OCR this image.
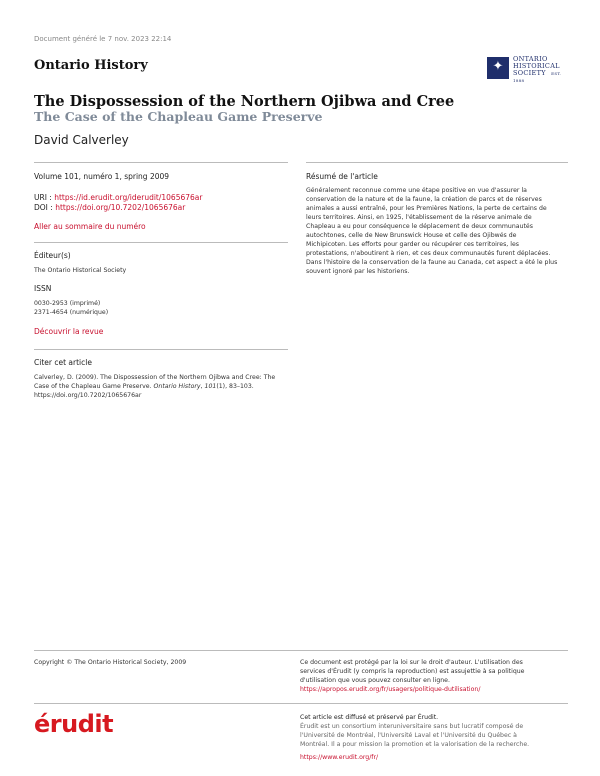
Document généré le 7 nov. 2023 22:14
Ontario History	✦	ONTARIO
HISTORICAL
SOCIETY EST. 1888
The Dispossession of the Northern Ojibwa and Cree
The Case of the Chapleau Game Preserve
David Calverley
Volume 101, numéro 1, spring 2009
URI : https://id.erudit.org/iderudit/1065676ar
DOI : https://doi.org/10.7202/1065676ar
Aller au sommaire du numéro
Éditeur(s)
The Ontario Historical Society
ISSN
0030-2953 (imprimé)
2371-4654 (numérique)
Découvrir la revue
Citer cet article
Calverley, D. (2009). The Dispossession of the Northern Ojibwa and Cree: The
Case of the Chapleau Game Preserve. Ontario History, 101(1), 83–103.
https://doi.org/10.7202/1065676ar
Résumé de l'article
Généralement reconnue comme une étape positive en vue d'assurer la
conservation de la nature et de la faune, la création de parcs et de réserves
animales a aussi entraîné, pour les Premières Nations, la perte de certains de
leurs territoires. Ainsi, en 1925, l'établissement de la réserve animale de
Chapleau a eu pour conséquence le déplacement de deux communautés
autochtones, celle de New Brunswick House et celle des Ojibwés de
Michipicoten. Les efforts pour garder ou récupérer ces territoires, les
protestations, n'aboutirent à rien, et ces deux communautés furent déplacées.
Dans l'histoire de la conservation de la faune au Canada, cet aspect a été le plus
souvent ignoré par les historiens.
Copyright © The Ontario Historical Society, 2009	Ce document est protégé par la loi sur le droit d'auteur. L'utilisation des
services d'Érudit (y compris la reproduction) est assujettie à sa politique
d'utilisation que vous pouvez consulter en ligne.
https://apropos.erudit.org/fr/usagers/politique-dutilisation/
érudit	Cet article est diffusé et préservé par Érudit.
Érudit est un consortium interuniversitaire sans but lucratif composé de
l'Université de Montréal, l'Université Laval et l'Université du Québec à
Montréal. Il a pour mission la promotion et la valorisation de la recherche.
https://www.erudit.org/fr/
